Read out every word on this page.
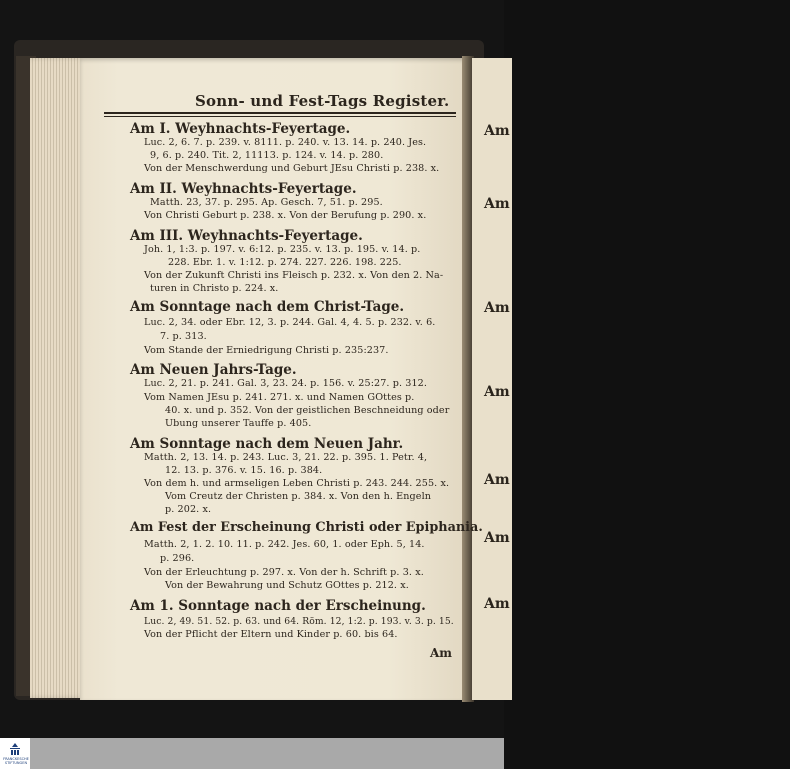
Sonn- und Fest-Tags Register.
Am I. Weyhnachts-Feyertage.
Luc. 2, 6. 7. p. 239. v. 8111. p. 240. v. 13. 14. p. 240. Jes.
9, 6. p. 240. Tit. 2, 11113. p. 124. v. 14. p. 280.
Von der Menschwerdung und Geburt JEsu Christi p. 238. x.
Am II. Weyhnachts-Feyertage.
Matth. 23, 37. p. 295. Ap. Gesch. 7, 51. p. 295.
Von Christi Geburt p. 238. x. Von der Berufung p. 290. x.
Am III. Weyhnachts-Feyertage.
Joh. 1, 1:3. p. 197. v. 6:12. p. 235. v. 13. p. 195. v. 14. p.
228. Ebr. 1. v. 1:12. p. 274. 227. 226. 198. 225.
Von der Zukunft Christi ins Fleisch p. 232. x. Von den 2. Na-
turen in Christo p. 224. x.
Am Sonntage nach dem Christ-Tage.
Luc. 2, 34. oder Ebr. 12, 3. p. 244. Gal. 4, 4. 5. p. 232. v. 6.
7. p. 313.
Vom Stande der Erniedrigung Christi p. 235:237.
Am Neuen Jahrs-Tage.
Luc. 2, 21. p. 241. Gal. 3, 23. 24. p. 156. v. 25:27. p. 312.
Vom Namen JEsu p. 241. 271. x. und Namen GOttes p.
40. x. und p. 352. Von der geistlichen Beschneidung oder
Ubung unserer Tauffe p. 405.
Am Sonntage nach dem Neuen Jahr.
Matth. 2, 13. 14. p. 243. Luc. 3, 21. 22. p. 395. 1. Petr. 4,
12. 13. p. 376. v. 15. 16. p. 384.
Von dem h. und armseligen Leben Christi p. 243. 244. 255. x.
Vom Creutz der Christen p. 384. x. Von den h. Engeln
p. 202. x.
Am Fest der Erscheinung Christi oder Epiphania.
Matth. 2, 1. 2. 10. 11. p. 242. Jes. 60, 1. oder Eph. 5, 14.
p. 296.
Von der Erleuchtung p. 297. x. Von der h. Schrift p. 3. x.
Von der Bewahrung und Schutz GOttes p. 212. x.
Am 1. Sonntage nach der Erscheinung.
Luc. 2, 49. 51. 52. p. 63. und 64. Röm. 12, 1:2. p. 193. v. 3. p. 15.
Von der Pflicht der Eltern und Kinder p. 60. bis 64.
Am
Am
Am
Am
Am
Am
Am
Am
FRANCKESCHE STIFTUNGEN
